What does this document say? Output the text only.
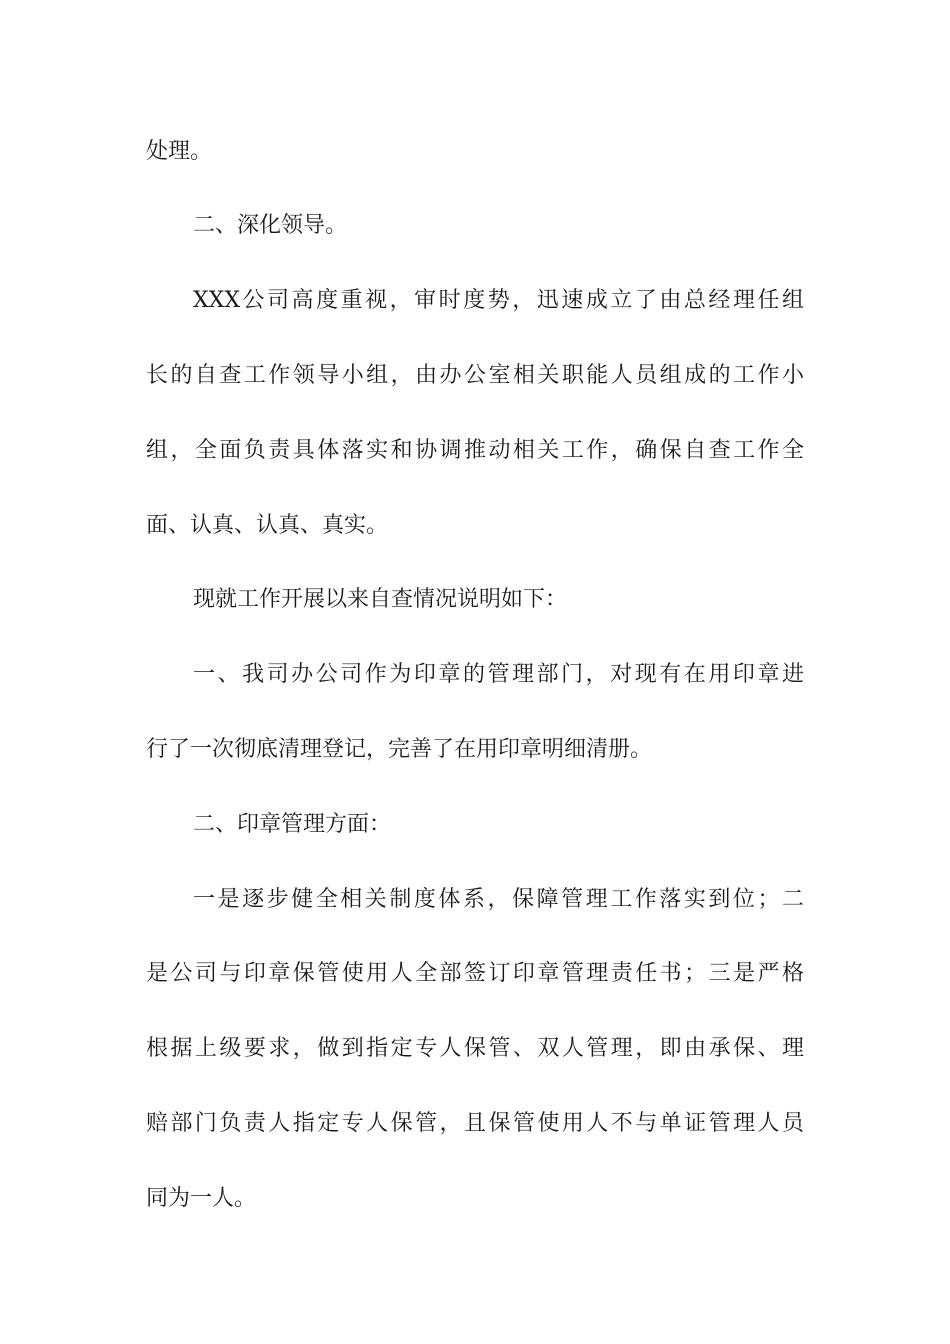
处理。
二、深化领导。
XXX公司高度重视，审时度势，迅速成立了由总经理任组
长的自查工作领导小组，由办公室相关职能人员组成的工作小
组，全面负责具体落实和协调推动相关工作，确保自查工作全
面、认真、认真、真实。
现就工作开展以来自查情况说明如下：
一、我司办公司作为印章的管理部门，对现有在用印章进
行了一次彻底清理登记，完善了在用印章明细清册。
二、印章管理方面：
一是逐步健全相关制度体系，保障管理工作落实到位；二
是公司与印章保管使用人全部签订印章管理责任书；三是严格
根据上级要求，做到指定专人保管、双人管理，即由承保、理
赔部门负责人指定专人保管，且保管使用人不与单证管理人员
同为一人。
